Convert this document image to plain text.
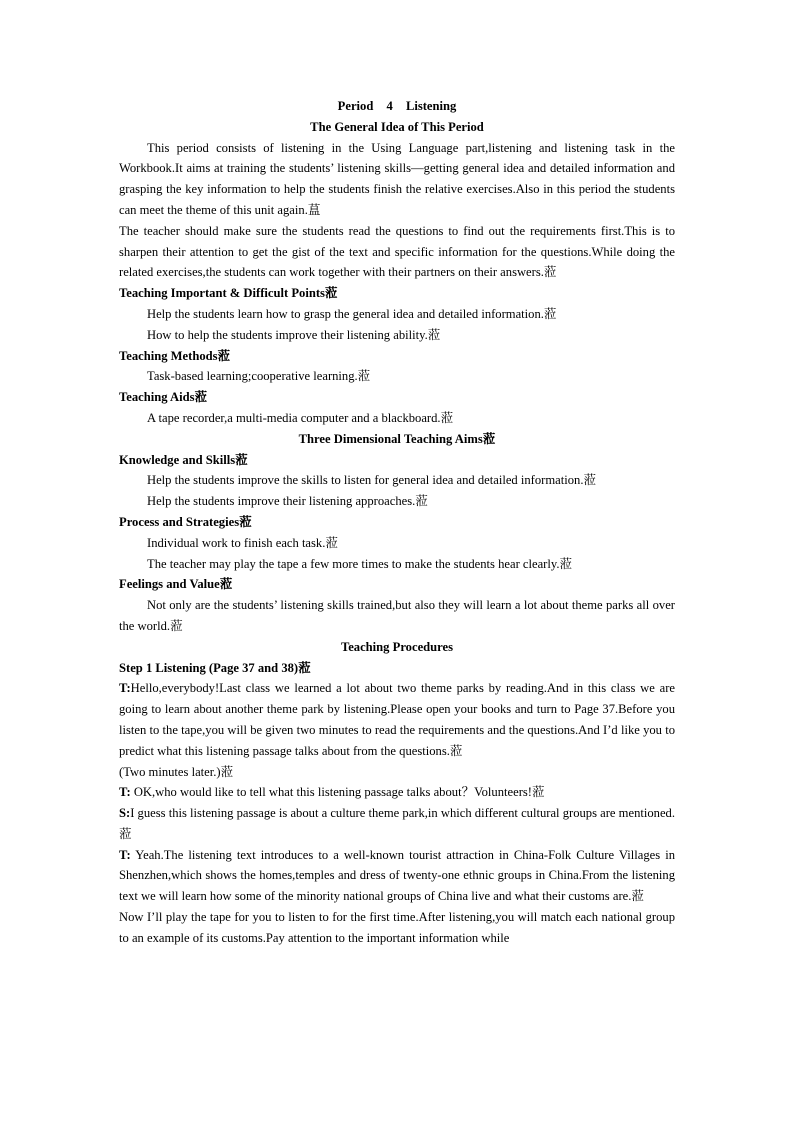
Period 4 Listening
The General Idea of This Period
This period consists of listening in the Using Language part,listening and listening task in the Workbook.It aims at training the students’ listening skills—getting general idea and detailed information and grasping the key information to help the students finish the relative exercises.Also in this period the students can meet the theme of this unit again.蒀
The teacher should make sure the students read the questions to find out the requirements first.This is to sharpen their attention to get the gist of the text and specific information for the questions.While doing the related exercises,the students can work together with their partners on their answers.蒞
Teaching Important & Difficult Points蒞
Help the students learn how to grasp the general idea and detailed information.蒞
How to help the students improve their listening ability.蒞
Teaching Methods蒞
Task-based learning;cooperative learning.蒞
Teaching Aids蒞
A tape recorder,a multi-media computer and a blackboard.蒞
Three Dimensional Teaching Aims蒞
Knowledge and Skills蒞
Help the students improve the skills to listen for general idea and detailed information.蒞
Help the students improve their listening approaches.蒞
Process and Strategies蒞
Individual work to finish each task.蒞
The teacher may play the tape a few more times to make the students hear clearly.蒞
Feelings and Value蒞
Not only are the students’ listening skills trained,but also they will learn a lot about theme parks all over the world.蒞
Teaching Procedures
Step 1 Listening (Page 37 and 38)蒞
T:Hello,everybody!Last class we learned a lot about two theme parks by reading.And in this class we are going to learn about another theme park by listening.Please open your books and turn to Page 37.Before you listen to the tape,you will be given two minutes to read the requirements and the questions.And I’d like you to predict what this listening passage talks about from the questions.蒞
(Two minutes later.)蒞
T: OK,who would like to tell what this listening passage talks about？Volunteers!蒞
S:I guess this listening passage is about a culture theme park,in which different cultural groups are mentioned.蒞
T: Yeah.The listening text introduces to a well-known tourist attraction in China-Folk Culture Villages in Shenzhen,which shows the homes,temples and dress of twenty-one ethnic groups in China.From the listening text we will learn how some of the minority national groups of China live and what their customs are.蒞
Now I’ll play the tape for you to listen to for the first time.After listening,you will match each national group to an example of its customs.Pay attention to the important information while
